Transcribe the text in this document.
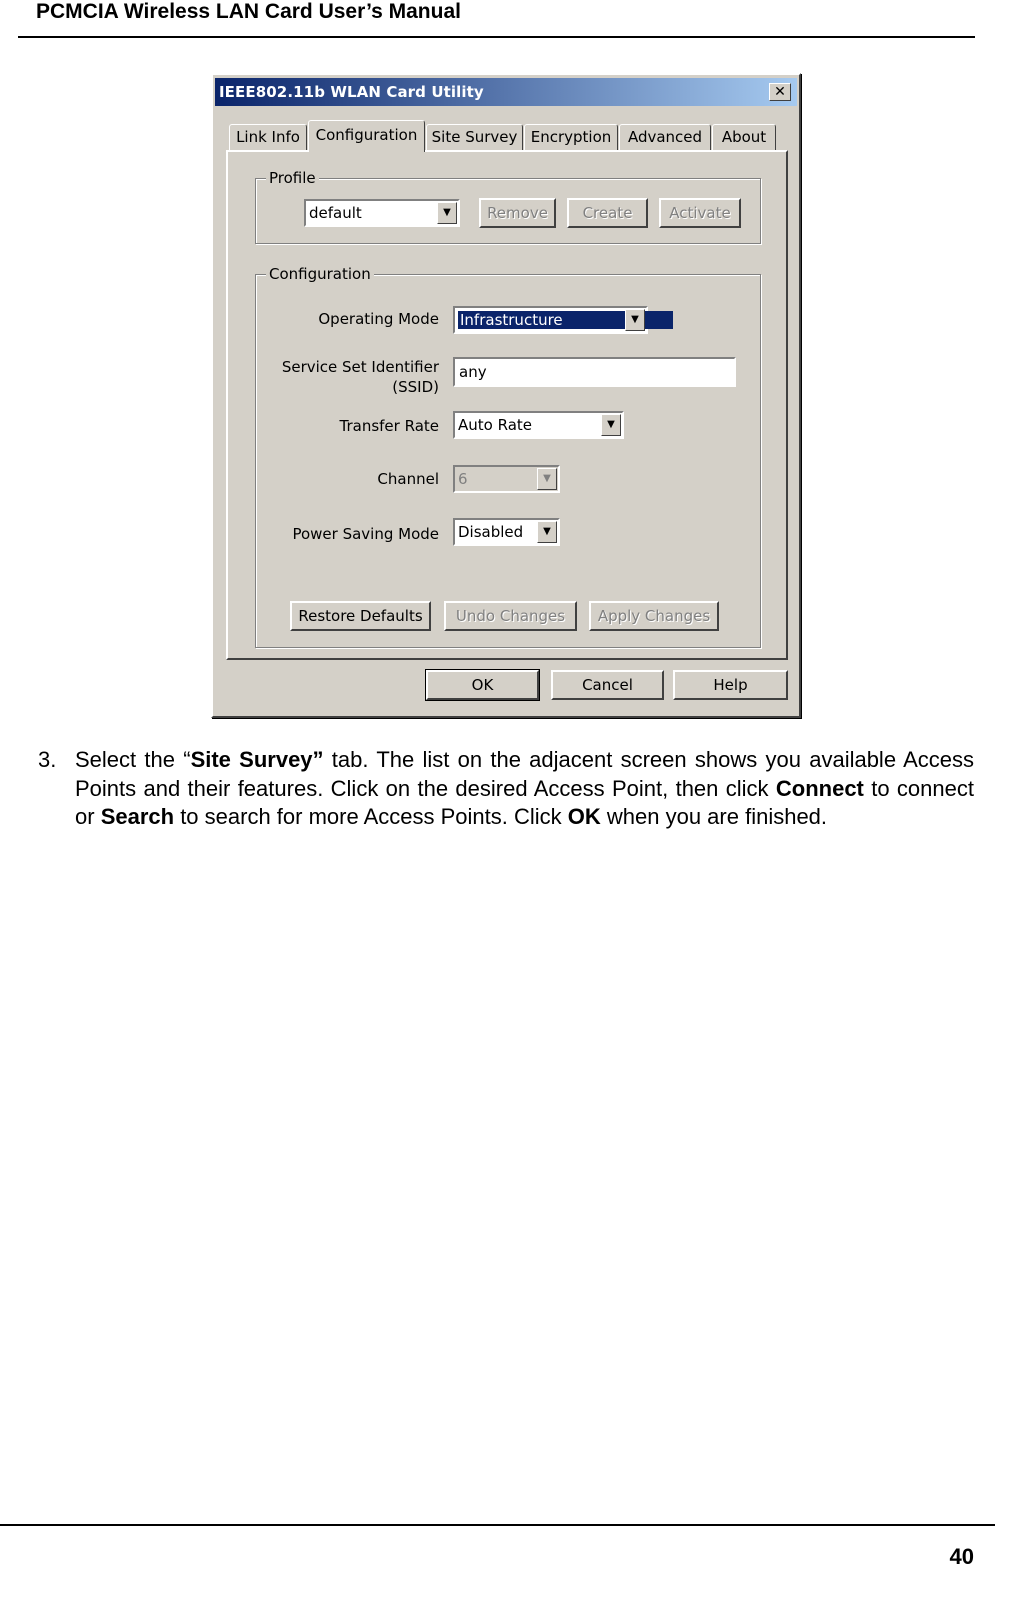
PCMCIA Wireless LAN Card User’s Manual
IEEE802.11b WLAN Card Utility	✕
Link Info	Configuration Site Survey Encryption	Advanced	About
Profile
default	▼	Remove	Create	Activate
Configuration
Operating Mode Infrastructure	▼
Service Set Identifier
(SSID)
any
Transfer Rate Auto Rate	▼
Channel 6	▼
Power Saving Mode Disabled	▼
Restore Defaults	Undo Changes	Apply Changes
OK	Cancel	Help
3. Select the “Site Survey” tab. The list on the adjacent screen shows you available Access Points and their features. Click on the desired Access Point, then click Connect to connect or Search to search for more Access Points. Click OK when you are finished.
40
